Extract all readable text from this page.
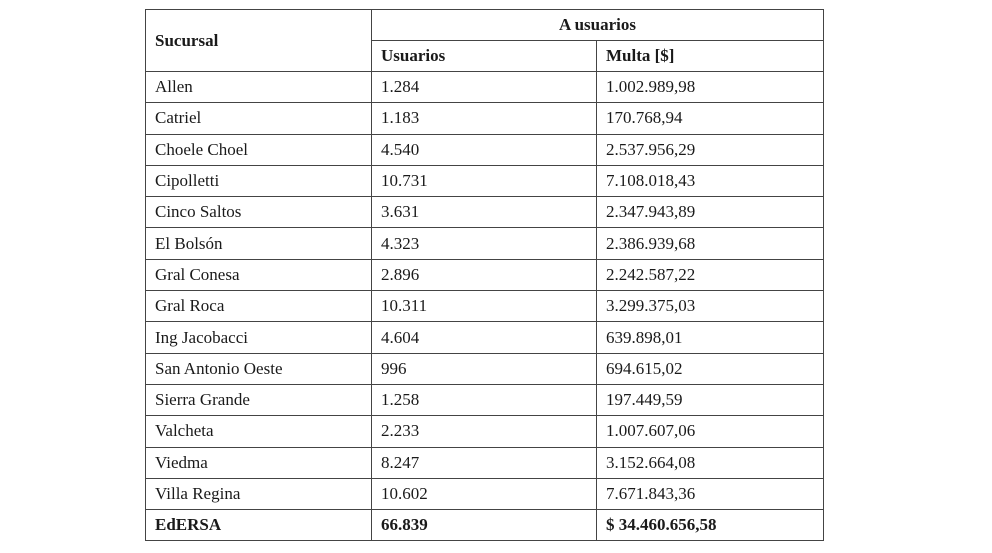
Sucursal	A usuarios	
	Usuarios	Multa [$]
Allen	1.284	1.002.989,98
Catriel	1.183	170.768,94
Choele Choel	4.540	2.537.956,29
Cipolletti	10.731	7.108.018,43
Cinco Saltos	3.631	2.347.943,89
El Bolsón	4.323	2.386.939,68
Gral Conesa	2.896	2.242.587,22
Gral Roca	10.311	3.299.375,03
Ing Jacobacci	4.604	639.898,01
San Antonio Oeste	996	694.615,02
Sierra Grande	1.258	197.449,59
Valcheta	2.233	1.007.607,06
Viedma	8.247	3.152.664,08
Villa Regina	10.602	7.671.843,36
EdERSA	66.839	$ 34.460.656,58
